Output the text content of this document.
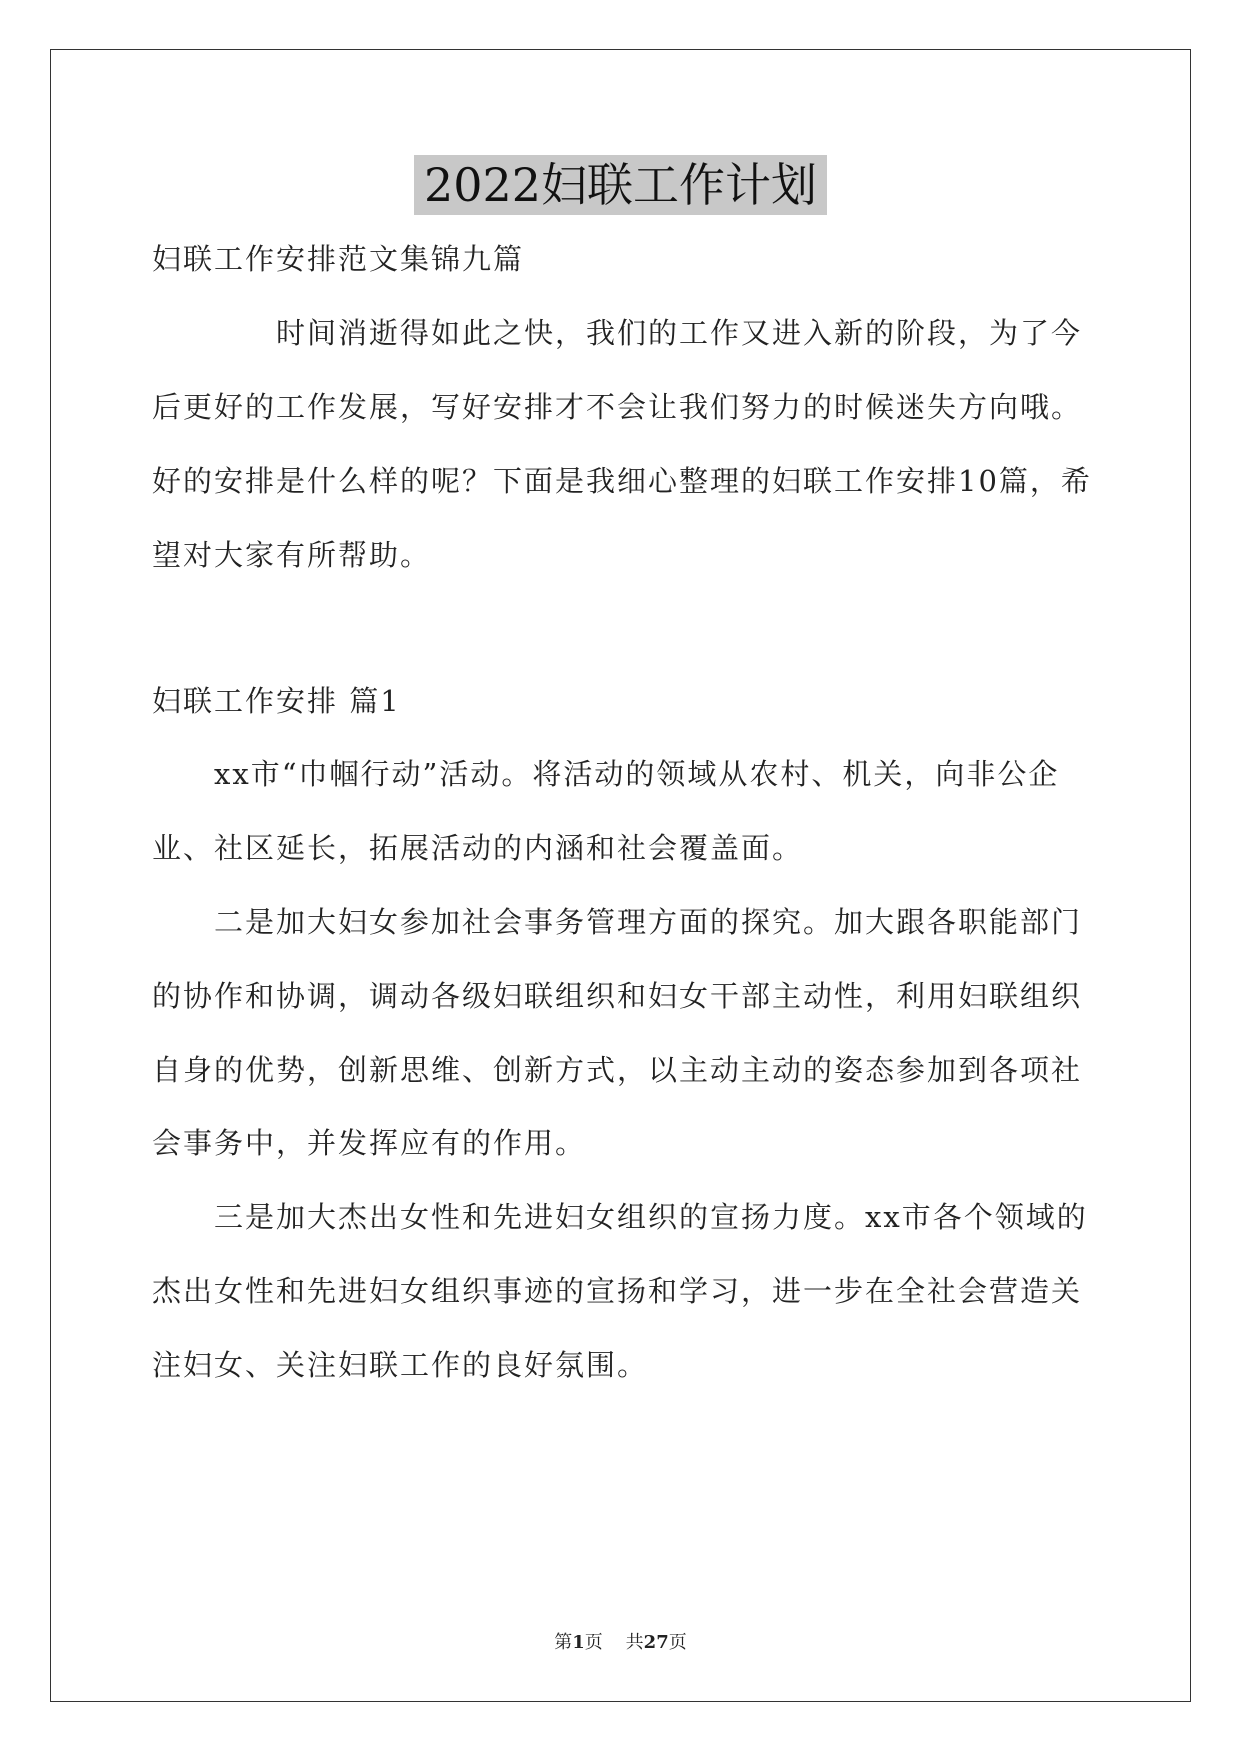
2022妇联工作计划
妇联工作安排范文集锦九篇
时间消逝得如此之快，我们的工作又进入新的阶段，为了今
后更好的工作发展，写好安排才不会让我们努力的时候迷失方向哦。
好的安排是什么样的呢？下面是我细心整理的妇联工作安排10篇，希
望对大家有所帮助。
妇联工作安排 篇1
xx市“巾帼行动”活动。将活动的领域从农村、机关，向非公企
业、社区延长，拓展活动的内涵和社会覆盖面。
二是加大妇女参加社会事务管理方面的探究。加大跟各职能部门
的协作和协调，调动各级妇联组织和妇女干部主动性，利用妇联组织
自身的优势，创新思维、创新方式，以主动主动的姿态参加到各项社
会事务中，并发挥应有的作用。
三是加大杰出女性和先进妇女组织的宣扬力度。xx市各个领域的
杰出女性和先进妇女组织事迹的宣扬和学习，进一步在全社会营造关
注妇女、关注妇联工作的良好氛围。
第1页 共27页
